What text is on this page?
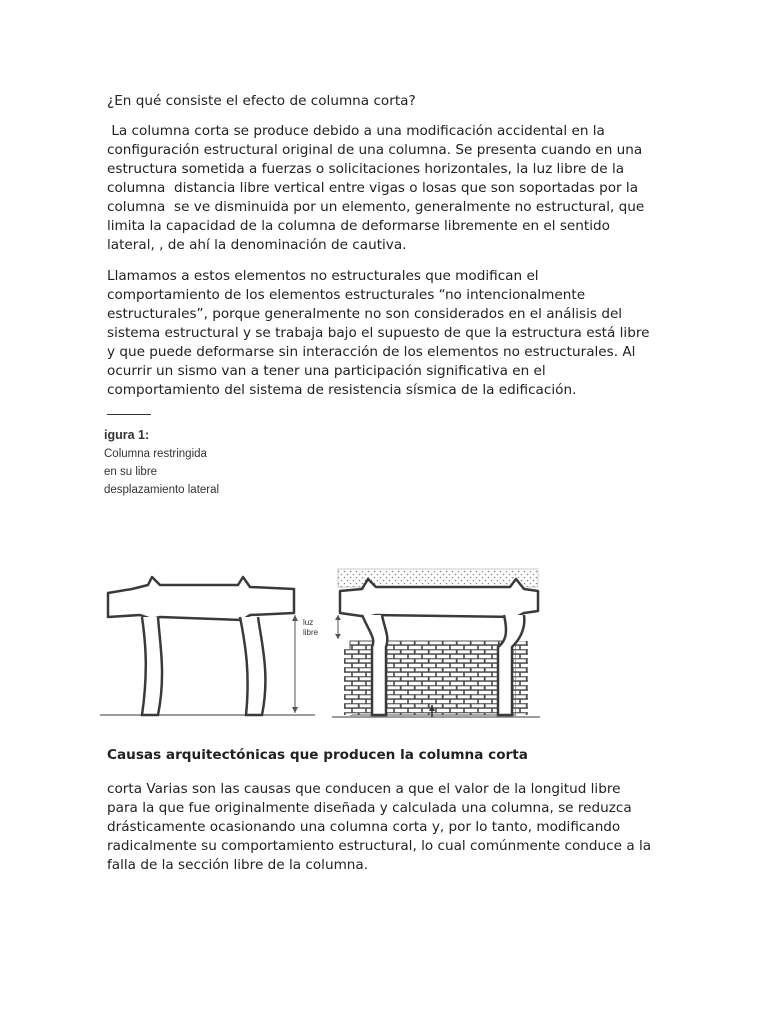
¿En qué consiste el efecto de columna corta?

La columna corta se produce debido a una modificación accidental en la
configuración estructural original de una columna. Se presenta cuando en una
estructura sometida a fuerzas o solicitaciones horizontales, la luz libre de la
columna  distancia libre vertical entre vigas o losas que son soportadas por la
columna  se ve disminuida por un elemento, generalmente no estructural, que
limita la capacidad de la columna de deformarse libremente en el sentido
lateral, , de ahí la denominación de cautiva.

Llamamos a estos elementos no estructurales que modifican el
comportamiento de los elementos estructurales “no intencionalmente
estructurales”, porque generalmente no son considerados en el análisis del
sistema estructural y se trabaja bajo el supuesto de que la estructura está libre
y que puede deformarse sin interacción de los elementos no estructurales. Al
ocurrir un sismo van a tener una participación significativa en el
comportamiento del sistema de resistencia sísmica de la edificación.

igura 1:
Columna restringida
en su libre
desplazamiento lateral

luz
libre

Causas arquitectónicas que producen la columna corta

corta Varias son las causas que conducen a que el valor de la longitud libre
para la que fue originalmente diseñada y calculada una columna, se reduzca
drásticamente ocasionando una columna corta y, por lo tanto, modificando
radicalmente su comportamiento estructural, lo cual comúnmente conduce a la
falla de la sección libre de la columna.
